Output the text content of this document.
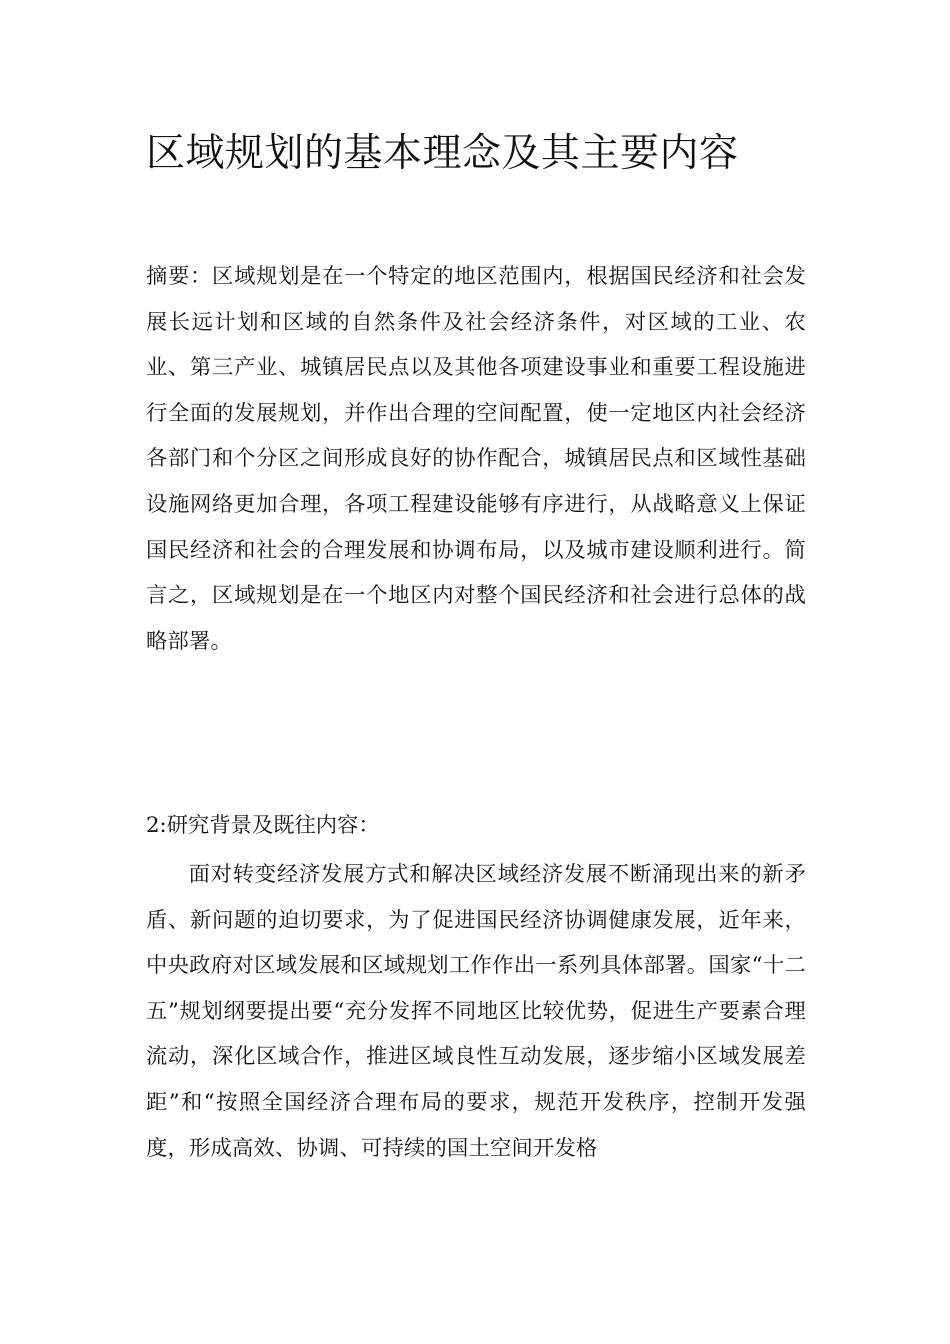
区域规划的基本理念及其主要内容

摘要：区域规划是在一个特定的地区范围内，根据国民经济和社会发展长远计划和区域的自然条件及社会经济条件，对区域的工业、农业、第三产业、城镇居民点以及其他各项建设事业和重要工程设施进行全面的发展规划，并作出合理的空间配置，使一定地区内社会经济各部门和个分区之间形成良好的协作配合，城镇居民点和区域性基础设施网络更加合理，各项工程建设能够有序进行，从战略意义上保证国民经济和社会的合理发展和协调布局，以及城市建设顺利进行。简言之，区域规划是在一个地区内对整个国民经济和社会进行总体的战略部署。

2:研究背景及既往内容：

面对转变经济发展方式和解决区域经济发展不断涌现出来的新矛盾、新问题的迫切要求，为了促进国民经济协调健康发展，近年来，中央政府对区域发展和区域规划工作作出一系列具体部署。国家“十二五”规划纲要提出要“充分发挥不同地区比较优势，促进生产要素合理流动，深化区域合作，推进区域良性互动发展，逐步缩小区域发展差距”和“按照全国经济合理布局的要求，规范开发秩序，控制开发强度，形成高效、协调、可持续的国土空间开发格
